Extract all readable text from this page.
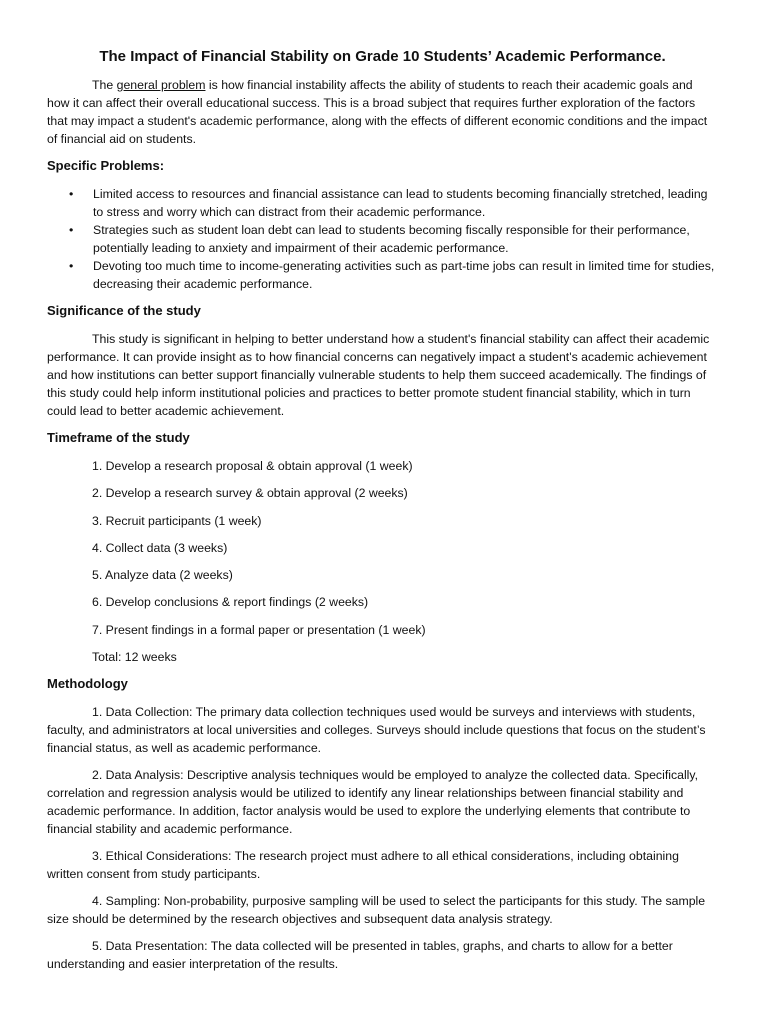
The Impact of Financial Stability on Grade 10 Students’ Academic Performance.

The general problem is how financial instability affects the ability of students to reach their academic goals and how it can affect their overall educational success. This is a broad subject that requires further exploration of the factors that may impact a student's academic performance, along with the effects of different economic conditions and the impact of financial aid on students.

Specific Problems:
• Limited access to resources and financial assistance can lead to students becoming financially stretched, leading to stress and worry which can distract from their academic performance.
• Strategies such as student loan debt can lead to students becoming fiscally responsible for their performance, potentially leading to anxiety and impairment of their academic performance.
• Devoting too much time to income-generating activities such as part-time jobs can result in limited time for studies, decreasing their academic performance.
Significance of the study

This study is significant in helping to better understand how a student's financial stability can affect their academic performance. It can provide insight as to how financial concerns can negatively impact a student's academic achievement and how institutions can better support financially vulnerable students to help them succeed academically. The findings of this study could help inform institutional policies and practices to better promote student financial stability, which in turn could lead to better academic achievement.

Timeframe of the study

1. Develop a research proposal & obtain approval (1 week)

2. Develop a research survey & obtain approval (2 weeks)

3. Recruit participants (1 week)

4. Collect data (3 weeks)

5. Analyze data (2 weeks)

6. Develop conclusions & report findings (2 weeks)

7. Present findings in a formal paper or presentation (1 week)

Total: 12 weeks

Methodology

1. Data Collection: The primary data collection techniques used would be surveys and interviews with students, faculty, and administrators at local universities and colleges. Surveys should include questions that focus on the student’s financial status, as well as academic performance.

2. Data Analysis: Descriptive analysis techniques would be employed to analyze the collected data. Specifically, correlation and regression analysis would be utilized to identify any linear relationships between financial stability and academic performance. In addition, factor analysis would be used to explore the underlying elements that contribute to financial stability and academic performance.

3. Ethical Considerations: The research project must adhere to all ethical considerations, including obtaining written consent from study participants.

4. Sampling: Non-probability, purposive sampling will be used to select the participants for this study. The sample size should be determined by the research objectives and subsequent data analysis strategy.

5. Data Presentation: The data collected will be presented in tables, graphs, and charts to allow for a better understanding and easier interpretation of the results.
